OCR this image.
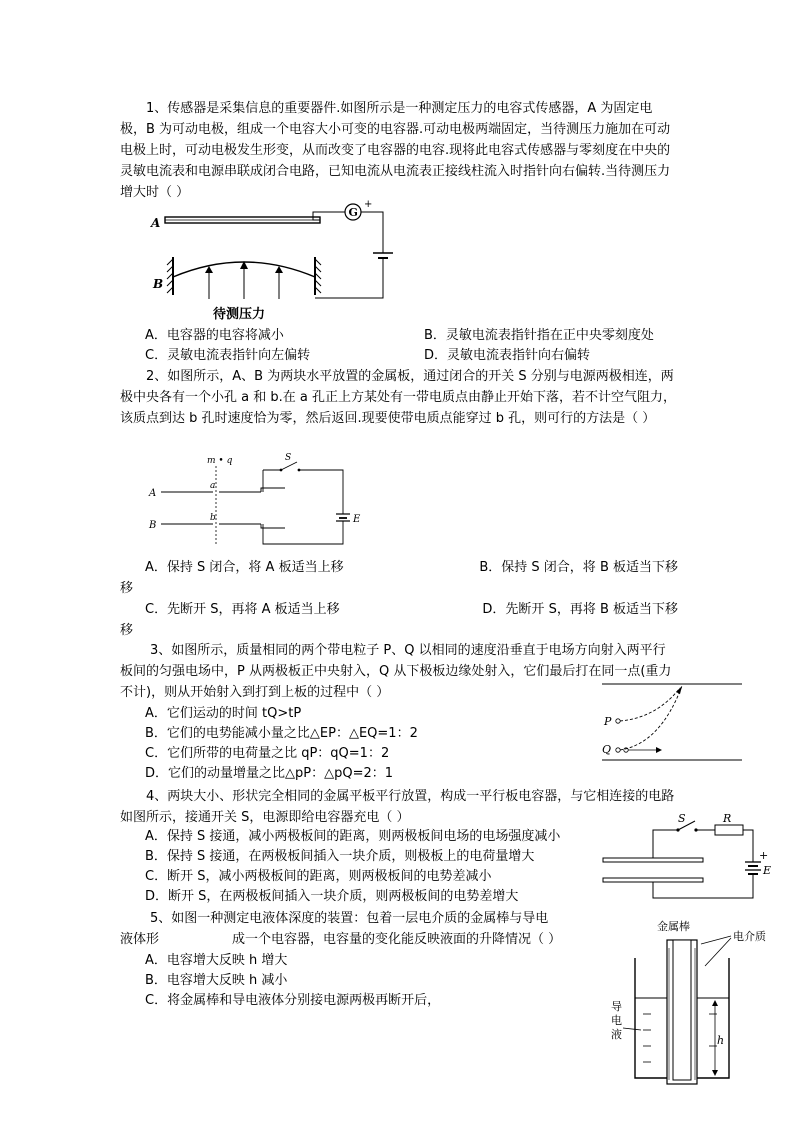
1、传感器是采集信息的重要器件.如图所示是一种测定压力的电容式传感器，A 为固定电极，B 为可动电极，组成一个电容大小可变的电容器.可动电极两端固定，当待测压力施加在可动电极上时，可动电极发生形变，从而改变了电容器的电容.现将此电容式传感器与零刻度在中央的灵敏电流表和电源串联成闭合电路，已知电流从电流表正接线柱流入时指针向右偏转.当待测压力增大时（ ）
A
G
+
B
待测压力
A．电容器的电容将减小	B．灵敏电流表指针指在正中央零刻度处
C．灵敏电流表指针向左偏转	D．灵敏电流表指针向右偏转
2、如图所示，A、B 为两块水平放置的金属板，通过闭合的开关 S 分别与电源两极相连，两极中央各有一个小孔 a 和 b.在 a 孔正上方某处有一带电质点由静止开始下落，若不计空气阻力，该质点到达 b 孔时速度恰为零，然后返回.现要使带电质点能穿过 b 孔，则可行的方法是（ ）
m • q
A
a
B
b
S
E
A．保持 S 闭合，将 A 板适当上移	B．保持 S 闭合，将 B 板适当下移
移
C．先断开 S，再将 A 板适当上移	D．先断开 S，再将 B 板适当下移
移
3、如图所示，质量相同的两个带电粒子 P、Q 以相同的速度沿垂直于电场方向射入两平行板间的匀强电场中，P 从两极板正中央射入，Q 从下极板边缘处射入，它们最后打在同一点(重力不计)，则从开始射入到打到上板的过程中（ ）
P
Q
A．它们运动的时间 tQ>tP
B．它们的电势能减小量之比△EP：△EQ=1：2
C．它们所带的电荷量之比 qP：qQ=1：2
D．它们的动量增量之比△pP：△pQ=2：1
4、两块大小、形状完全相同的金属平板平行放置，构成一平行板电容器，与它相连接的电路如图所示，接通开关 S，电源即给电容器充电（ ）	S	R
+
E
A．保持 S 接通，减小两极板间的距离，则两极板间电场的电场强度减小
B．保持 S 接通，在两极板间插入一块介质，则极板上的电荷量增大
C．断开 S，减小两极板间的距离，则两极板间的电势差减小
D．断开 S，在两极板间插入一块介质，则两极板间的电势差增大
5、如图一种测定电液体深度的装置：包着一层电介质的金属棒与导电
液体形	成一个电容器，电容量的变化能反映液面的升降情况（ ）
A．电容增大反映 h 增大
B．电容增大反映 h 减小
C．将金属棒和导电液体分别接电源两极再断开后，
金属棒
电介质
h
导
电
液
